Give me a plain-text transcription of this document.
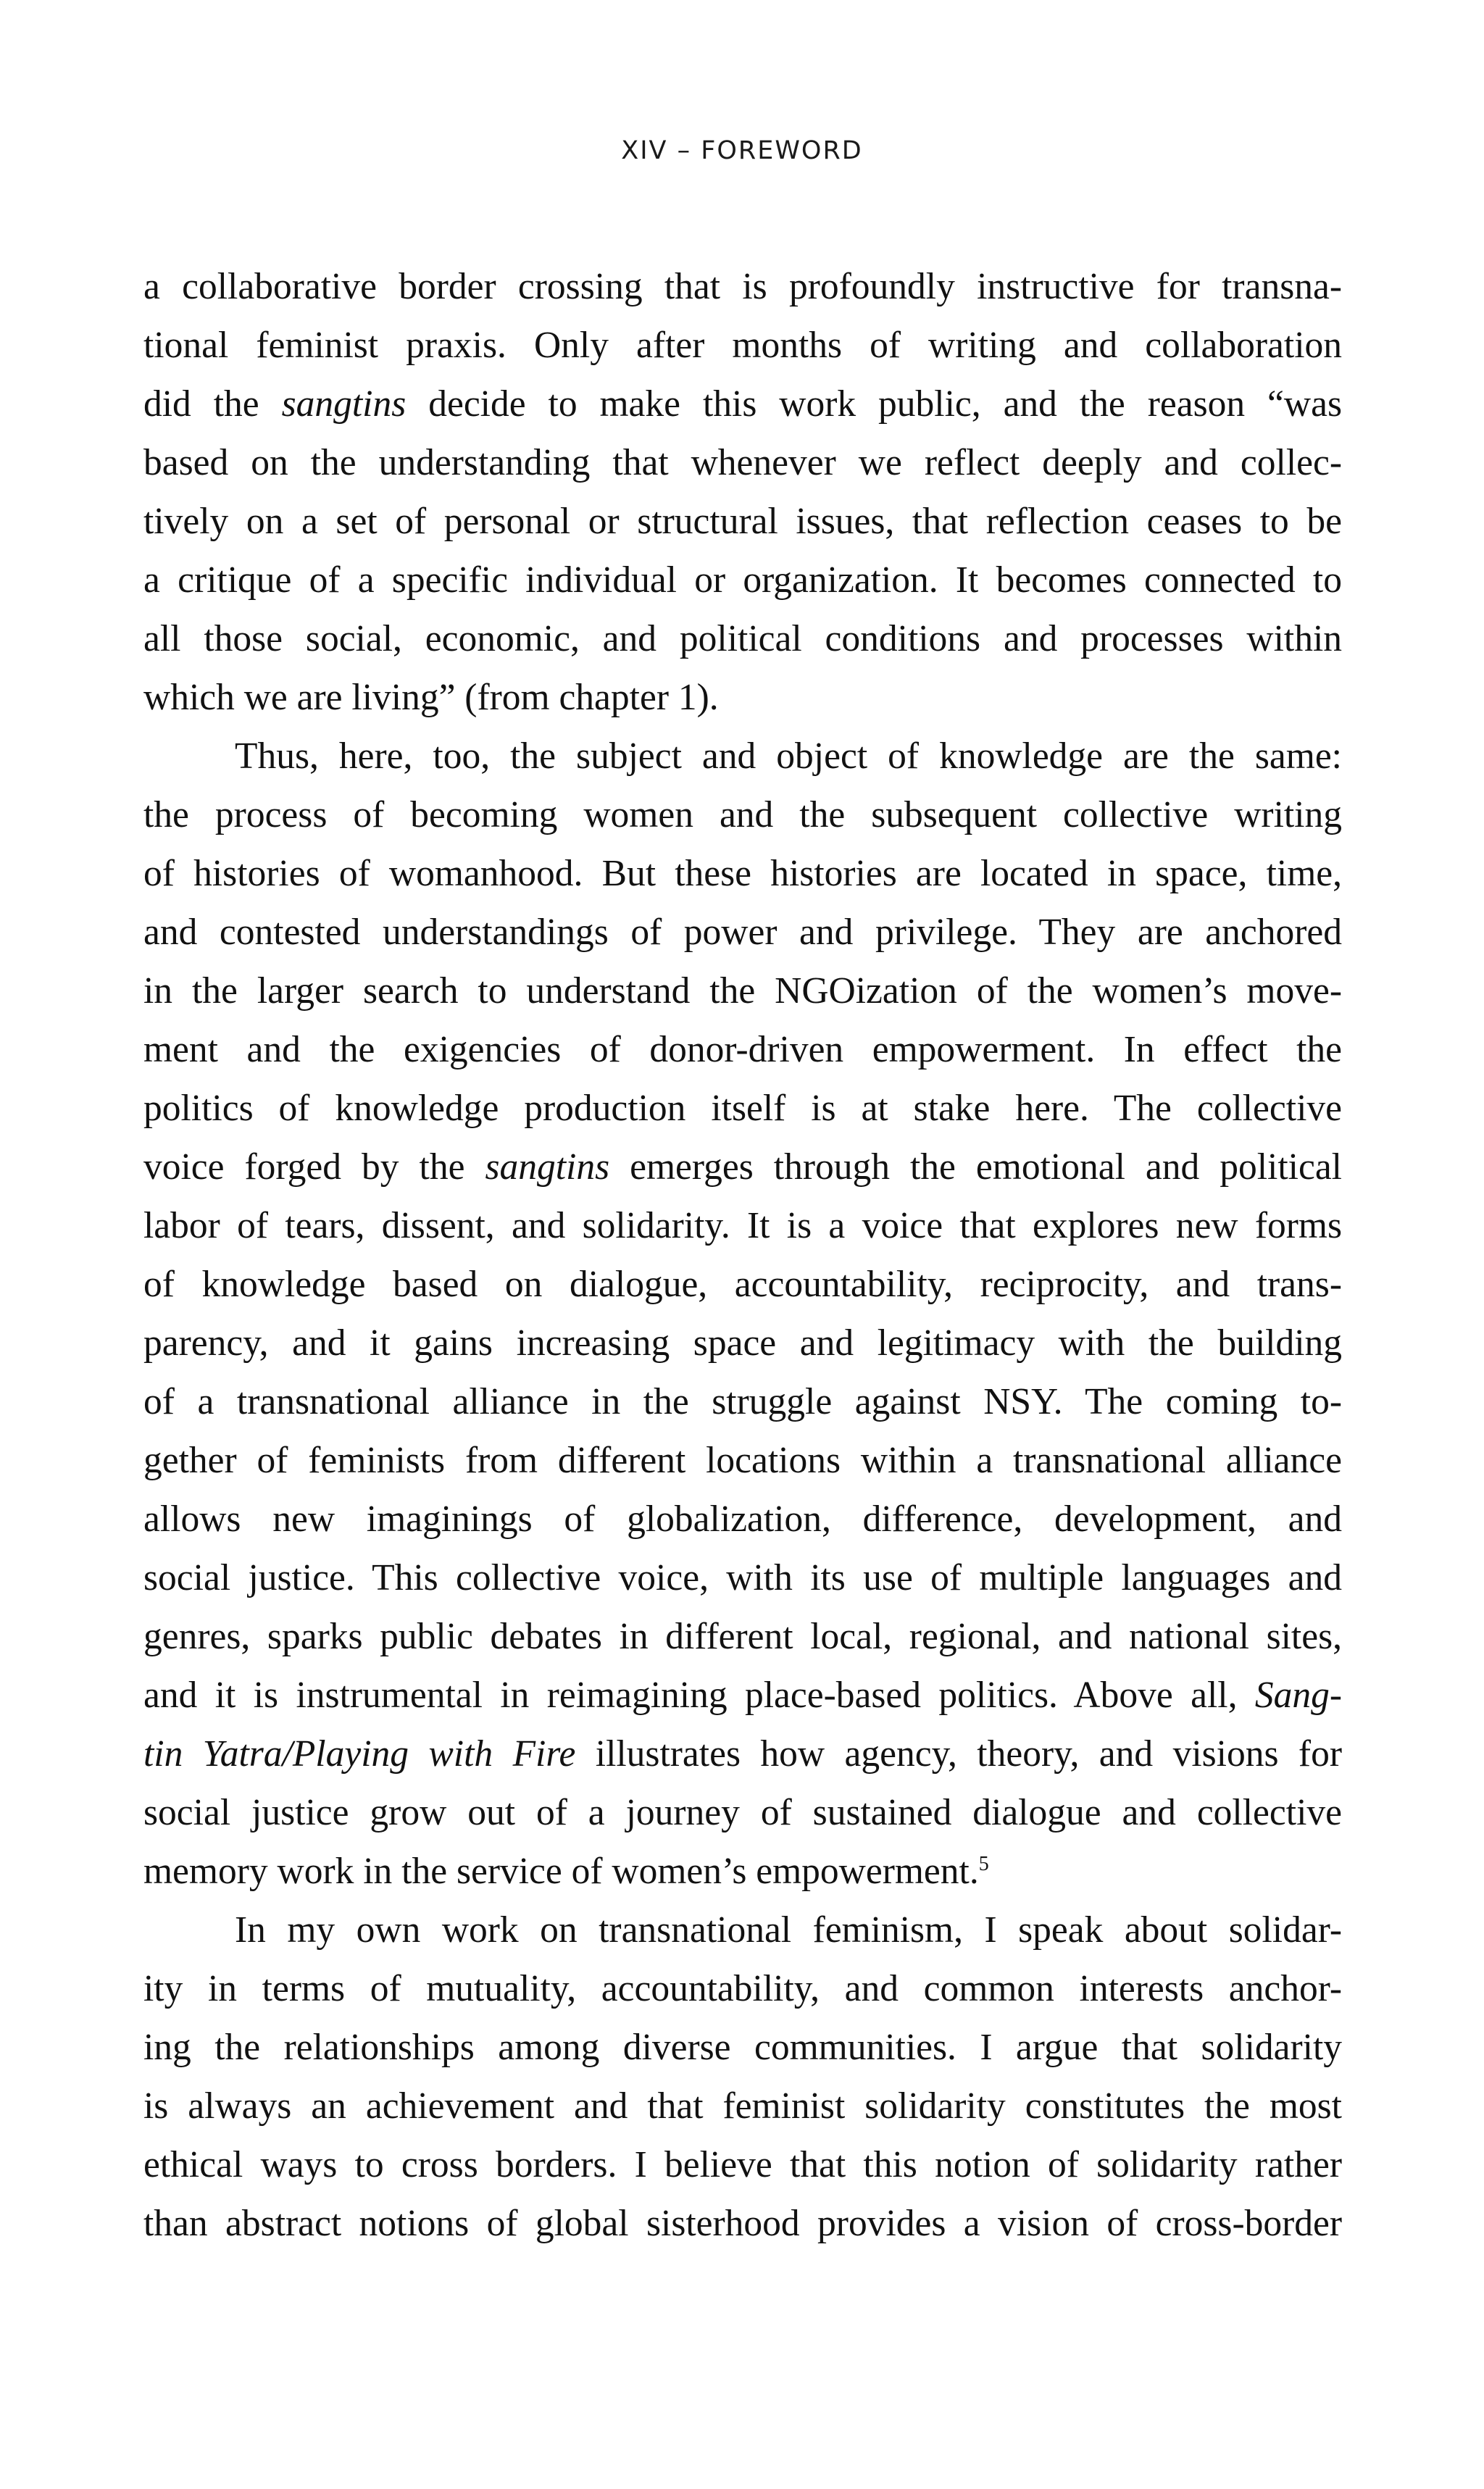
XIV – FOREWORD

a collaborative border crossing that is profoundly instructive for transna-
tional feminist praxis. Only after months of writing and collaboration
did the sangtins decide to make this work public, and the reason “was
based on the understanding that whenever we reflect deeply and collec-
tively on a set of personal or structural issues, that reflection ceases to be
a critique of a specific individual or organization. It becomes connected to
all those social, economic, and political conditions and processes within
which we are living” (from chapter 1).

Thus, here, too, the subject and object of knowledge are the same:
the process of becoming women and the subsequent collective writing
of histories of womanhood. But these histories are located in space, time,
and contested understandings of power and privilege. They are anchored
in the larger search to understand the NGOization of the women’s move-
ment and the exigencies of donor-driven empowerment. In effect the
politics of knowledge production itself is at stake here. The collective
voice forged by the sangtins emerges through the emotional and political
labor of tears, dissent, and solidarity. It is a voice that explores new forms
of knowledge based on dialogue, accountability, reciprocity, and trans-
parency, and it gains increasing space and legitimacy with the building
of a transnational alliance in the struggle against NSY. The coming to-
gether of feminists from different locations within a transnational alliance
allows new imaginings of globalization, difference, development, and
social justice. This collective voice, with its use of multiple languages and
genres, sparks public debates in different local, regional, and national sites,
and it is instrumental in reimagining place-based politics. Above all, Sang-
tin Yatra/Playing with Fire illustrates how agency, theory, and visions for
social justice grow out of a journey of sustained dialogue and collective
memory work in the service of women’s empowerment.$^5$

In my own work on transnational feminism, I speak about solidar-
ity in terms of mutuality, accountability, and common interests anchor-
ing the relationships among diverse communities. I argue that solidarity
is always an achievement and that feminist solidarity constitutes the most
ethical ways to cross borders. I believe that this notion of solidarity rather
than abstract notions of global sisterhood provides a vision of cross-border
